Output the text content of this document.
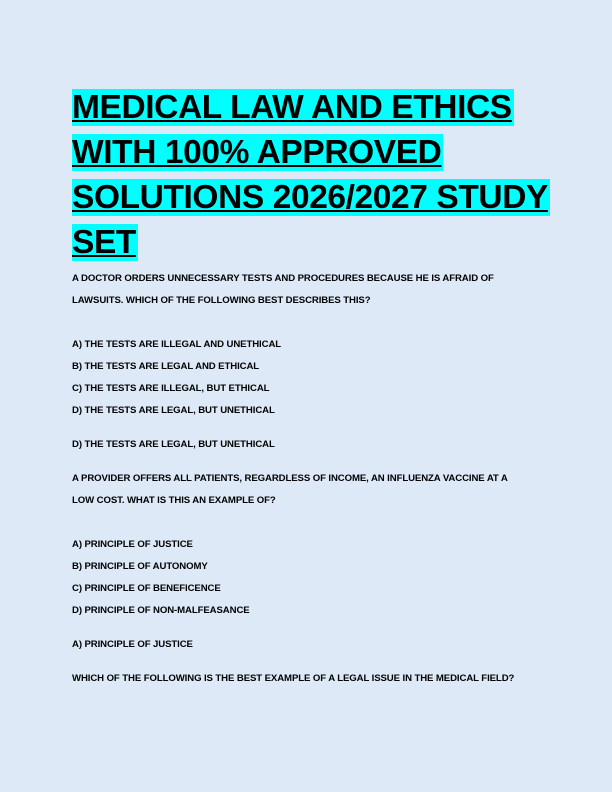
MEDICAL LAW AND ETHICS
WITH 100% APPROVED
SOLUTIONS 2026/2027 STUDY
SET

A DOCTOR ORDERS UNNECESSARY TESTS AND PROCEDURES BECAUSE HE IS AFRAID OF

LAWSUITS. WHICH OF THE FOLLOWING BEST DESCRIBES THIS?

A) THE TESTS ARE ILLEGAL AND UNETHICAL

B) THE TESTS ARE LEGAL AND ETHICAL

C) THE TESTS ARE ILLEGAL, BUT ETHICAL

D) THE TESTS ARE LEGAL, BUT UNETHICAL

D) THE TESTS ARE LEGAL, BUT UNETHICAL

A PROVIDER OFFERS ALL PATIENTS, REGARDLESS OF INCOME, AN INFLUENZA VACCINE AT A

LOW COST. WHAT IS THIS AN EXAMPLE OF?

A) PRINCIPLE OF JUSTICE

B) PRINCIPLE OF AUTONOMY

C) PRINCIPLE OF BENEFICENCE

D) PRINCIPLE OF NON-MALFEASANCE

A) PRINCIPLE OF JUSTICE

WHICH OF THE FOLLOWING IS THE BEST EXAMPLE OF A LEGAL ISSUE IN THE MEDICAL FIELD?
